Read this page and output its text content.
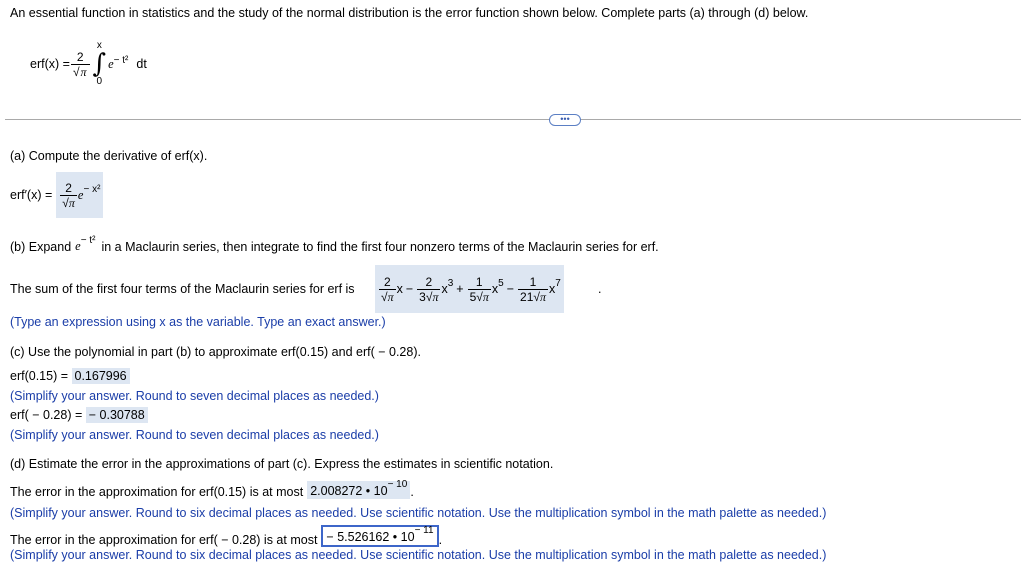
An essential function in statistics and the study of the normal distribution is the error function shown below. Complete parts (a) through (d) below.
$erf(x) = \frac{2}{√\pi}$
x
∫
0
$e^{- t^2}$ dt
•••
(a) Compute the derivative of erf(x).
$erf'(x) = \frac{2}{√\pi} e^{- x^2}$
(b) Expand $e^{- t^2}$ in a Maclaurin series, then integrate to find the first four nonzero terms of the Maclaurin series for erf.
The sum of the first four terms of the Maclaurin series for erf is $\frac{2}{√\pi}$ $x - \frac{2}{3√\pi} x^3 + \frac{1}{5√\pi} x^5 - \frac{1}{21√\pi} x^7$	.
(Type an expression using x as the variable. Type an exact answer.)
(c) Use the polynomial in part (b) to approximate erf(0.15) and erf( − 0.28).
erf(0.15) = 0.167996
(Simplify your answer. Round to seven decimal places as needed.)
erf( − 0.28) = − 0.30788
(Simplify your answer. Round to seven decimal places as needed.)
(d) Estimate the error in the approximations of part (c). Express the estimates in scientific notation.
The error in the approximation for erf(0.15) is at most 2.008272 • $10^{- 10}$
.
(Simplify your answer. Round to six decimal places as needed. Use scientific notation. Use the multiplication symbol in the math palette as needed.)
The error in the approximation for erf( − 0.28) is at most − 5.526162 • $10^{- 11}$
.
(Simplify your answer. Round to six decimal places as needed. Use scientific notation. Use the multiplication symbol in the math palette as needed.)
